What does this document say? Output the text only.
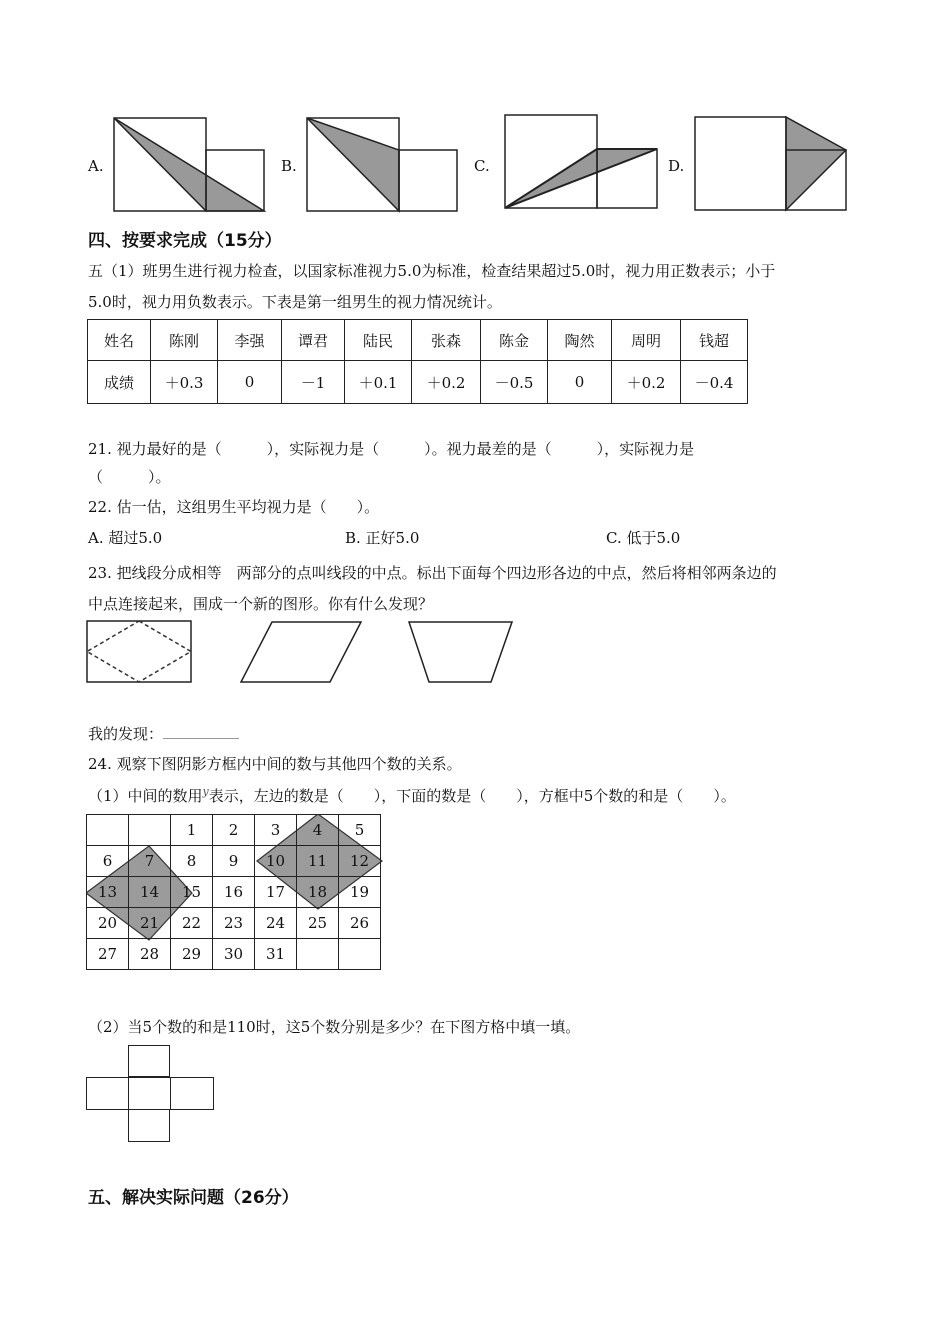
A.	B.	C.	D.
四、按要求完成（15分）
五（1）班男生进行视力检查，以国家标准视力5.0为标准，检查结果超过5.0时，视力用正数表示；小于
5.0时，视力用负数表示。下表是第一组男生的视力情况统计。
姓名	陈刚	李强	谭君	陆民	张森	陈金	陶然	周明	钱超
成绩	＋0.3	0	－1	＋0.1	＋0.2	－0.5	0	＋0.2	－0.4
21. 视力最好的是（　　　），实际视力是（　　　）。视力最差的是（　　　），实际视力是
（　　　）。
22. 估一估，这组男生平均视力是（　　）。
A. 超过5.0	B. 正好5.0	C. 低于5.0
23. 把线段分成相等　两部分的点叫线段的中点。标出下面每个四边形各边的中点，然后将相邻两条边的
中点连接起来，围成一个新的图形。你有什么发现？
我的发现：
24. 观察下图阴影方框内中间的数与其他四个数的关系。
（1）中间的数用$^y$表示，左边的数是（　　），下面的数是（　　），方框中5个数的和是（　　）。
		1	2	3	4	5
6	7	8	9	10	11	12
13	14	15	16	17	18	19
20	21	22	23	24	25	26
27	28	29	30	31		
（2）当5个数的和是110时，这5个数分别是多少？在下图方格中填一填。
五、解决实际问题（26分）
